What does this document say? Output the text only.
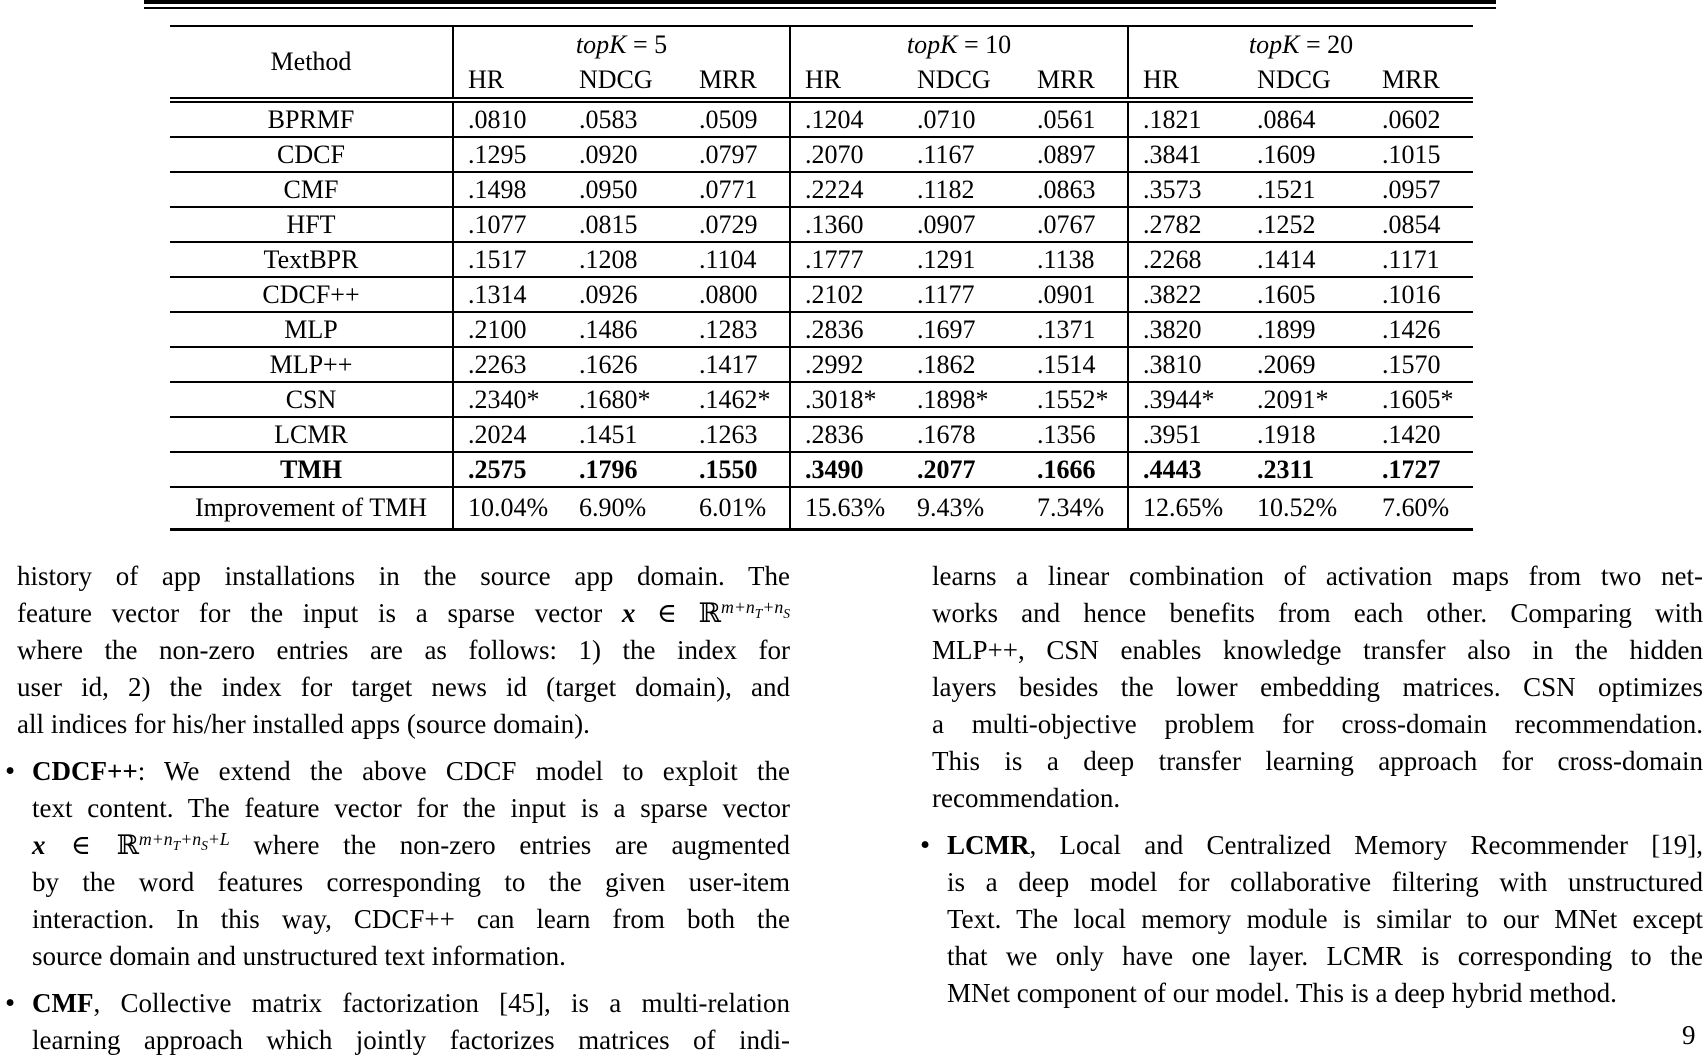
Method	topK = 5			topK = 10			topK = 20		
	HR	NDCG	MRR	HR	NDCG	MRR	HR	NDCG	MRR
BPRMF	.0810	.0583	.0509	.1204	.0710	.0561	.1821	.0864	.0602
CDCF	.1295	.0920	.0797	.2070	.1167	.0897	.3841	.1609	.1015
CMF	.1498	.0950	.0771	.2224	.1182	.0863	.3573	.1521	.0957
HFT	.1077	.0815	.0729	.1360	.0907	.0767	.2782	.1252	.0854
TextBPR	.1517	.1208	.1104	.1777	.1291	.1138	.2268	.1414	.1171
CDCF++	.1314	.0926	.0800	.2102	.1177	.0901	.3822	.1605	.1016
MLP	.2100	.1486	.1283	.2836	.1697	.1371	.3820	.1899	.1426
MLP++	.2263	.1626	.1417	.2992	.1862	.1514	.3810	.2069	.1570
CSN	.2340*	.1680*	.1462*	.3018*	.1898*	.1552*	.3944*	.2091*	.1605*
LCMR	.2024	.1451	.1263	.2836	.1678	.1356	.3951	.1918	.1420
TMH	.2575	.1796	.1550	.3490	.2077	.1666	.4443	.2311	.1727
Improvement of TMH	10.04%	6.90%	6.01%	15.63%	9.43%	7.34%	12.65%	10.52%	7.60%
history of app installations in the source app domain. The
feature vector for the input is a sparse vector x ∈ $ℝ^{m+n}T^{+n}S$
where the non-zero entries are as follows: 1) the index for
user id, 2) the index for target news id (target domain), and
all indices for his/her installed apps (source domain).
• CDCF++: We extend the above CDCF model to exploit the
text content. The feature vector for the input is a sparse vector
x ∈ $ℝ^{m+n}T^{+n}S^{+L}$ where the non-zero entries are augmented
by the word features corresponding to the given user-item
interaction. In this way, CDCF++ can learn from both the
source domain and unstructured text information.
• CMF, Collective matrix factorization [45], is a multi-relation
learning approach which jointly factorizes matrices of indi-
learns a linear combination of activation maps from two net-
works and hence benefits from each other. Comparing with
MLP++, CSN enables knowledge transfer also in the hidden
layers besides the lower embedding matrices. CSN optimizes
a multi-objective problem for cross-domain recommendation.
This is a deep transfer learning approach for cross-domain
recommendation.
• LCMR, Local and Centralized Memory Recommender [19],
is a deep model for collaborative filtering with unstructured
Text. The local memory module is similar to our MNet except
that we only have one layer. LCMR is corresponding to the
MNet component of our model. This is a deep hybrid method.
9
